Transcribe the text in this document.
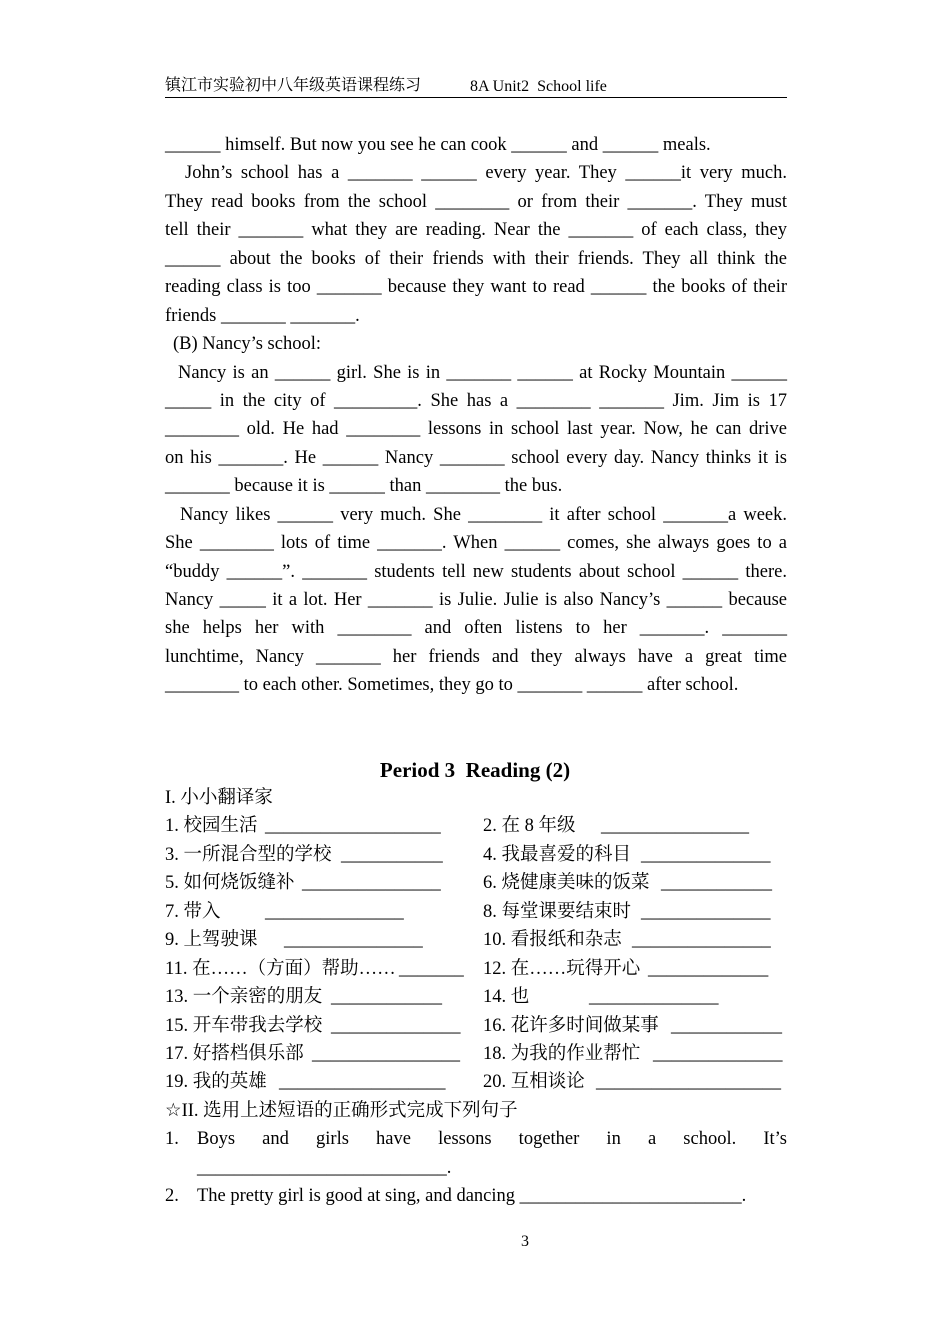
镇江市实验初中八年级英语课程练习	8A Unit2  School life
______ himself. But now you see he can cook ______ and ______ meals.
John’s school has a _______ ______ every year. They ______it very much.
They read books from the school ________ or from their _______. They must
tell their _______ what they are reading. Near the _______ of each class, they
______ about the books of their friends with their friends. They all think the
reading class is too _______ because they want to read ______ the books of their
friends _______ _______.
(B) Nancy’s school:
Nancy is an ______ girl. She is in _______ ______ at Rocky Mountain ______
_____ in the city of _________. She has a ________ _______ Jim. Jim is 17
________ old. He had ________ lessons in school last year. Now, he can drive
on his _______. He ______ Nancy _______ school every day. Nancy thinks it is
_______ because it is ______ than ________ the bus.
Nancy likes ______ very much. She ________ it after school _______a week.
She ________ lots of time _______. When ______ comes, she always goes to a
“buddy ______”. _______ students tell new students about school ______ there.
Nancy _____ it a lot. Her _______ is Julie. Julie is also Nancy’s ______ because
she helps her with ________ and often listens to her _______. _______
lunchtime, Nancy _______ her friends and they always have a great time
________ to each other. Sometimes, they go to _______ ______ after school.
Period 3  Reading (2)
I. 小小翻译家
1. 校园生活 ___________________ 2. 在 8 年级 ________________
3. 一所混合型的学校 ___________ 4. 我最喜爱的科目 ______________
5. 如何烧饭缝补 _______________ 6. 烧健康美味的饭菜 ____________
7. 带入 _______________	8. 每堂课要结束时 ______________
9. 上驾驶课 _______________	10. 看报纸和杂志 _______________
11. 在……（方面）帮助…… _______ 12. 在……玩得开心 _____________
13. 一个亲密的朋友 ____________ 14. 也	______________
15. 开车带我去学校 ______________ 16. 花许多时间做某事 ____________
17. 好搭档俱乐部 ________________ 18. 为我的作业帮忙 ______________
19. 我的英雄 __________________ 20. 互相谈论 ____________________
☆II. 选用上述短语的正确形式完成下列句子
1. Boys and girls have lessons together in a school. It’s
___________________________.
2. The pretty girl is good at sing, and dancing ________________________.
3
